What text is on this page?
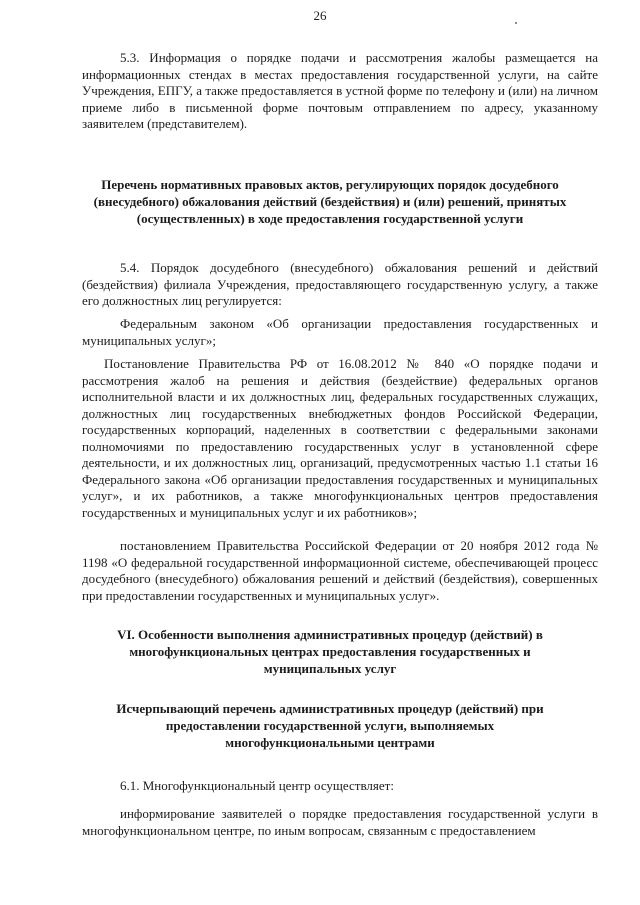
26

5.3. Информация о порядке подачи и рассмотрения жалобы размещается на информационных стендах в местах предоставления государственной услуги, на сайте Учреждения, ЕПГУ, а также предоставляется в устной форме по телефону и (или) на личном приеме либо в письменной форме почтовым отправлением по адресу, указанному заявителем (представителем).

Перечень нормативных правовых актов, регулирующих порядок досудебного (внесудебного) обжалования действий (бездействия) и (или) решений, принятых (осуществленных) в ходе предоставления государственной услуги

5.4. Порядок досудебного (внесудебного) обжалования решений и действий (бездействия) филиала Учреждения, предоставляющего государственную услугу, а также его должностных лиц регулируется:

Федеральным законом «Об организации предоставления государственных и муниципальных услуг»;

Постановление Правительства РФ от 16.08.2012 № 840 «О порядке подачи и рассмотрения жалоб на решения и действия (бездействие) федеральных органов исполнительной власти и их должностных лиц, федеральных государственных служащих, должностных лиц государственных внебюджетных фондов Российской Федерации, государственных корпораций, наделенных в соответствии с федеральными законами полномочиями по предоставлению государственных услуг в установленной сфере деятельности, и их должностных лиц, организаций, предусмотренных частью 1.1 статьи 16 Федерального закона «Об организации предоставления государственных и муниципальных услуг», и их работников, а также многофункциональных центров предоставления государственных и муниципальных услуг и их работников»;

постановлением Правительства Российской Федерации от 20 ноября 2012 года № 1198 «О федеральной государственной информационной системе, обеспечивающей процесс досудебного (внесудебного) обжалования решений и действий (бездействия), совершенных при предоставлении государственных и муниципальных услуг».

VI. Особенности выполнения административных процедур (действий) в многофункциональных центрах предоставления государственных и муниципальных услуг

Исчерпывающий перечень административных процедур (действий) при предоставлении государственной услуги, выполняемых многофункциональными центрами

6.1. Многофункциональный центр осуществляет:

информирование заявителей о порядке предоставления государственной услуги в многофункциональном центре, по иным вопросам, связанным с предоставлением
